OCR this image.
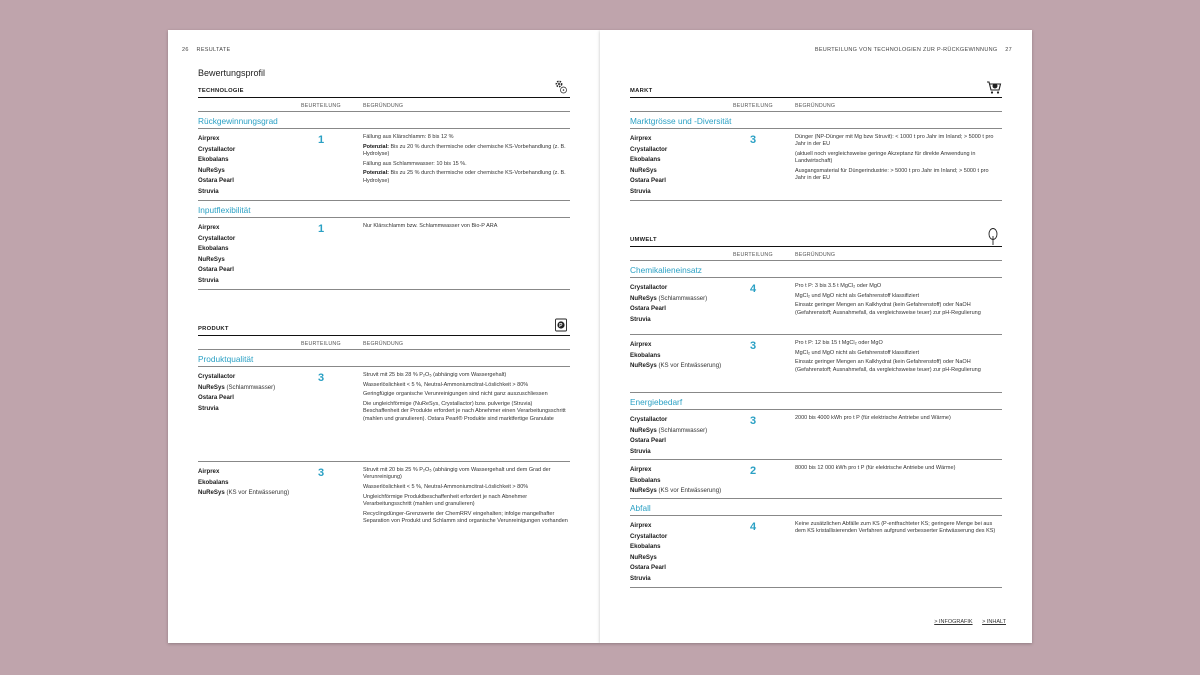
26 RESULTATE
Bewertungsprofil
TECHNOLOGIE
BEURTEILUNG	BEGRÜNDUNG
Rückgewinnungsgrad
Airprex
Crystallactor
Ekobalans
NuReSys
Ostara Pearl
Struvia
1	Fällung aus Klärschlamm: 8 bis 12 %

Potenzial: Bis zu 20 % durch thermische oder chemische KS-Vorbehandlung (z. B. Hydrolyse)

Fällung aus Schlammwasser: 10 bis 15 %.

Potenzial: Bis zu 25 % durch thermische oder chemische KS-Vorbehandlung (z. B. Hydrolyse)

Inputflexibilität
Airprex
Crystallactor
Ekobalans
NuReSys
Ostara Pearl
Struvia
1	Nur Klärschlamm bzw. Schlammwasser von Bio-P ARA

PRODUKT	P
BEURTEILUNG	BEGRÜNDUNG
Produktqualität
Crystallactor
NuReSys (Schlammwasser)
Ostara Pearl
Struvia
3	Struvit mit 25 bis 28 % P₂O₅ (abhängig vom Wassergehalt)

Wasserlöslichkeit < 5 %, Neutral-Ammoniumcitrat-Löslichkeit > 80%

Geringfügige organische Verunreinigungen sind nicht ganz auszuschliessen

Die ungleichförmige (NuReSys, Crystallactor) bzw. pulverige (Struvia) Beschaffenheit der Produkte erfordert je nach Abnehmer einen Verarbeitungsschritt (mahlen und granulieren). Ostara Pearl® Produkte sind marktfertige Granulate

Airprex
Ekobalans
NuReSys (KS vor Entwässerung)
3	Struvit mit 20 bis 25 % P₂O₅ (abhängig vom Wassergehalt und dem Grad der Verunreinigung)

Wasserlöslichkeit < 5 %, Neutral-Ammoniumcitrat-Löslichkeit > 80%

Ungleichförmige Produktbeschaffenheit erfordert je nach Abnehmer Verarbeitungsschritt (mahlen und granulieren)

Recyclingdünger-Grenzwerte der ChemRRV eingehalten; infolge mangelhafter Separation von Produkt und Schlamm sind organische Verunreinigungen vorhanden

BEURTEILUNG VON TECHNOLOGIEN ZUR P-RÜCKGEWINNUNG 27
MARKT
BEURTEILUNG	BEGRÜNDUNG
Marktgrösse und -Diversität
Airprex
Crystallactor
Ekobalans
NuReSys
Ostara Pearl
Struvia
3	Dünger (NP-Dünger mit Mg bzw Struvit): < 1000 t pro Jahr im Inland; > 5000 t pro Jahr in der EU

(aktuell noch vergleichsweise geringe Akzeptanz für direkte Anwendung in Landwirtschaft)

Ausgangsmaterial für Düngerindustrie: > 5000 t pro Jahr im Inland; > 5000 t pro Jahr in der EU

UMWELT
BEURTEILUNG	BEGRÜNDUNG
Chemikalieneinsatz
Crystallactor
NuReSys (Schlammwasser)
Ostara Pearl
Struvia
4	Pro t P: 3 bis 3.5 t MgCl₂ oder MgO

MgCl₂ und MgO nicht als Gefahrenstoff klassifiziert

Einsatz geringer Mengen an Kalkhydrat (kein Gefahrenstoff) oder NaOH (Gefahrenstoff; Ausnahmefall, da vergleichsweise teuer) zur pH-Regulierung

Airprex
Ekobalans
NuReSys (KS vor Entwässerung)
3	Pro t P: 12 bis 15 t MgCl₂ oder MgO

MgCl₂ und MgO nicht als Gefahrenstoff klassifiziert

Einsatz geringer Mengen an Kalkhydrat (kein Gefahrenstoff) oder NaOH (Gefahrenstoff; Ausnahmefall, da vergleichsweise teuer) zur pH-Regulierung

Energiebedarf
Crystallactor
NuReSys (Schlammwasser)
Ostara Pearl
Struvia
3	2000 bis 4000 kWh pro t P (für elektrische Antriebe und Wärme)

Airprex
Ekobalans
NuReSys (KS vor Entwässerung)
2	8000 bis 12 000 kWh pro t P (für elektrische Antriebe und Wärme)

Abfall
Airprex
Crystallactor
Ekobalans
NuReSys
Ostara Pearl
Struvia
4	Keine zusätzlichen Abfälle zum KS (P-entfrachteter KS; geringere Menge bei aus dem KS kristallisierenden Verfahren aufgrund verbesserter Entwässerung des KS)

> INFOGRAFIK > INHALT
